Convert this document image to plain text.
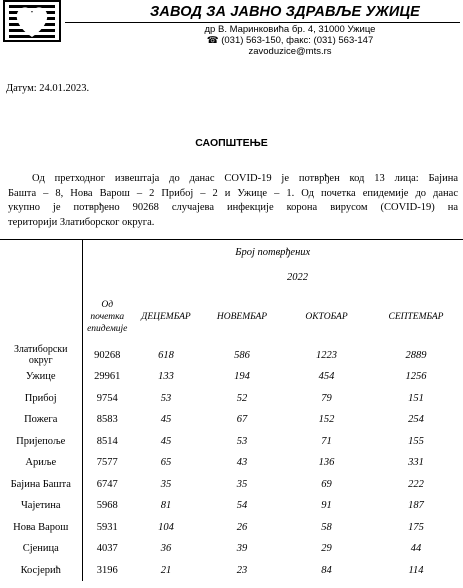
ЗАВОД ЗА ЈАВНО ЗДРАВЉЕ УЖИЦЕ
др В. Маринковића бр. 4, 31000 Ужице
☎ (031) 563-150, факс: (031) 563-147
zavoduzice@mts.rs
Датум: 24.01.2023.
САОПШТЕЊЕ
Од претходног извештаја до данас COVID-19 је потврђен код 13 лица: Бајина
Башта – 8, Нова Варош – 2 Прибој – 2 и Ужице – 1. Од почетка епидемије до данас
укупно је потврђено 90268 случајева инфекције корона вирусом (COVID-19) на
територији Златиборског округа.
	Број потврђених				
		2022			

	Од
почетка
епидемије	ДЕЦЕМБАР	НОВЕМБАР	ОКТОБАР	СЕПТЕМБАР

Златиборски
округ	90268	618	586	1223	2889
Ужице	29961	133	194	454	1256
Прибој	9754	53	52	79	151
Пожега	8583	45	67	152	254
Пријепоље	8514	45	53	71	155
Ариље	7577	65	43	136	331
Бајина Башта	6747	35	35	69	222
Чајетина	5968	81	54	91	187
Нова Варош	5931	104	26	58	175
Сјеница	4037	36	39	29	44
Косјерић	3196	21	23	84	114
